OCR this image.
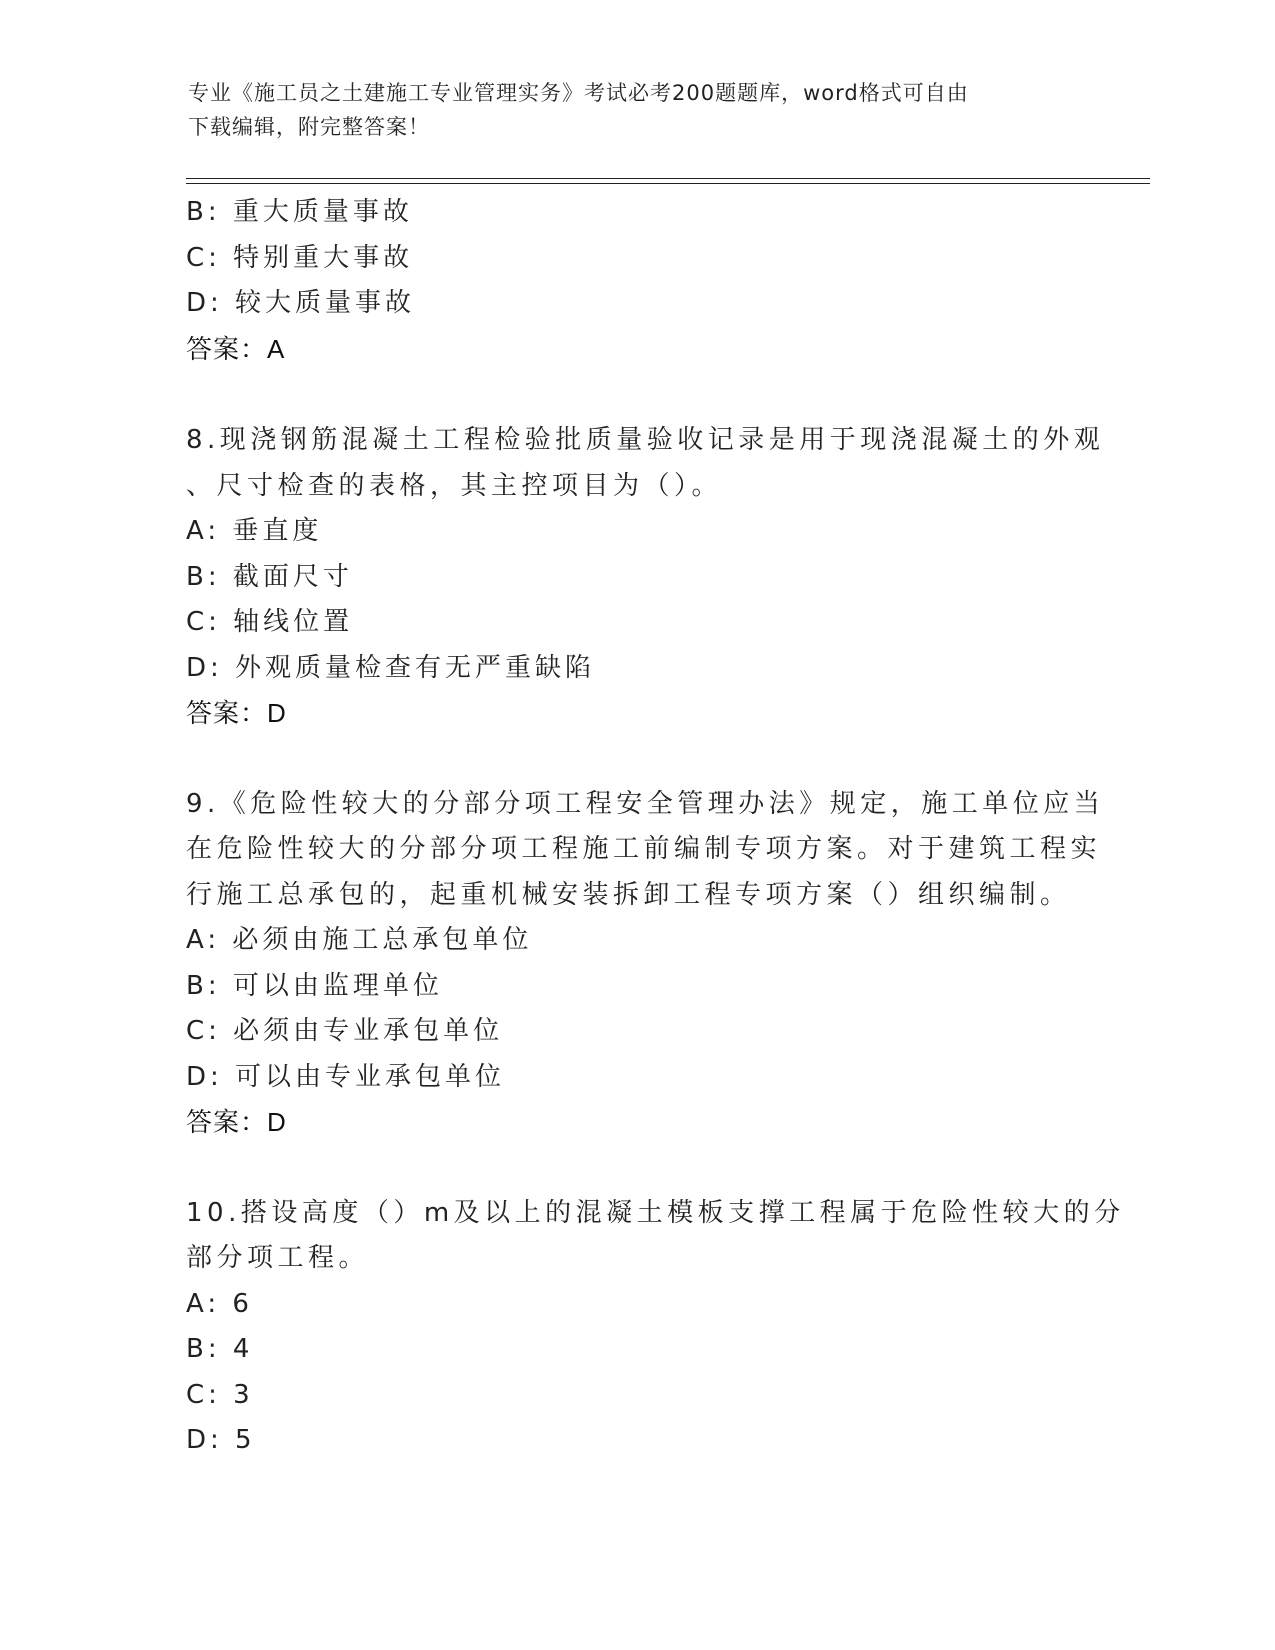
专业《施工员之土建施工专业管理实务》考试必考200题题库，word格式可自由
下载编辑，附完整答案！
B: 重大质量事故
C: 特别重大事故
D: 较大质量事故
答案：A
8.现浇钢筋混凝土工程检验批质量验收记录是用于现浇混凝土的外观
、尺寸检查的表格，其主控项目为（）。
A: 垂直度
B: 截面尺寸
C: 轴线位置
D: 外观质量检查有无严重缺陷
答案：D
9.《危险性较大的分部分项工程安全管理办法》规定，施工单位应当
在危险性较大的分部分项工程施工前编制专项方案。对于建筑工程实
行施工总承包的，起重机械安装拆卸工程专项方案（）组织编制。
A: 必须由施工总承包单位
B: 可以由监理单位
C: 必须由专业承包单位
D: 可以由专业承包单位
答案：D
10.搭设高度（）m及以上的混凝土模板支撑工程属于危险性较大的分
部分项工程。
A: 6
B: 4
C: 3
D: 5
